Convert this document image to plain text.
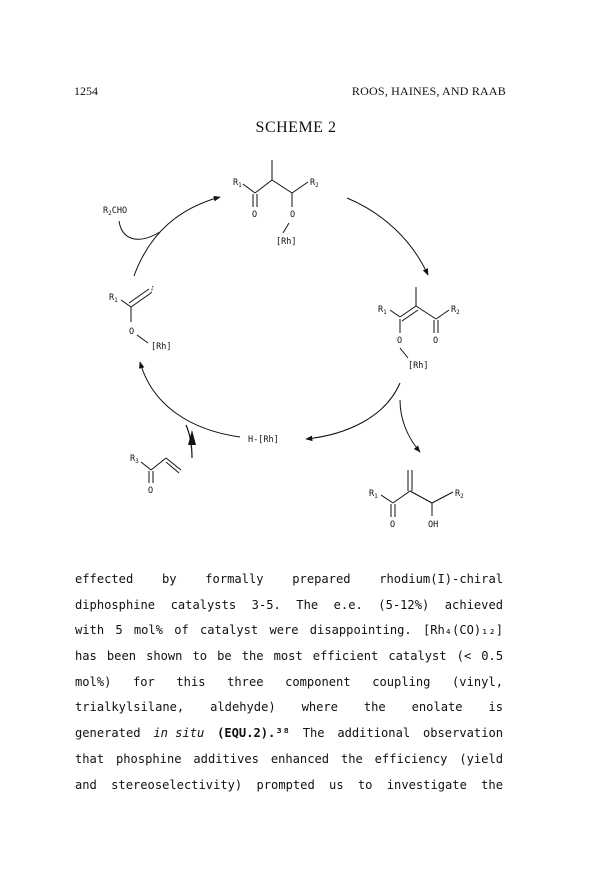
1254	ROOS, HAINES, AND RAAB
SCHEME 2
$R_1$	$R_2$
O	O
[Rh]
$R_2CHO$
$R_1$	$R_2$
O
O
[Rh]
$R_1$
O
[Rh]
$R_3$
O
H-[Rh]
$R_1$	$R_2$
O	OH
effected by formally prepared rhodium(I)-chiral
diphosphine catalysts 3-5. The e.e. (5-12%) achieved
with 5 mol% of catalyst were disappointing. [Rh₄(CO)₁₂]
has been shown to be the most efficient catalyst (< 0.5
mol%) for this three component coupling (vinyl,
trialkylsilane, aldehyde) where the enolate is
generated in situ (EQU.2).³⁸ The additional observation
that phosphine additives enhanced the efficiency (yield
and stereoselectivity) prompted us to investigate the
